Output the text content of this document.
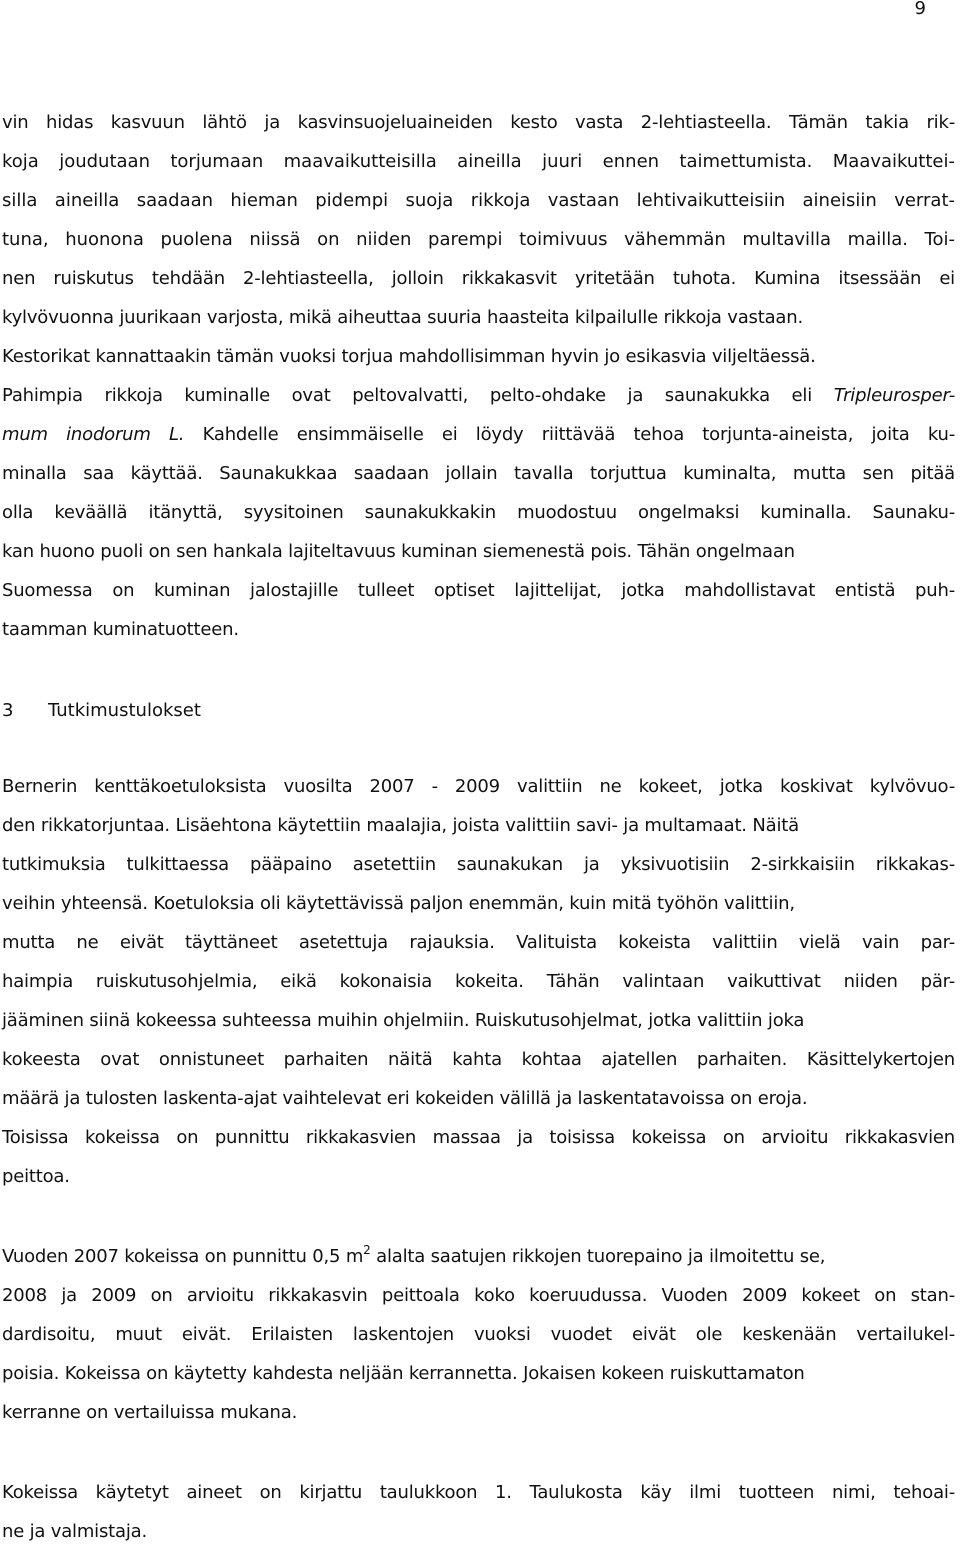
9
vin hidas kasvuun lähtö ja kasvinsuojeluaineiden kesto vasta 2-lehtiasteella. Tämän takia rik-
koja joudutaan torjumaan maavaikutteisilla aineilla juuri ennen taimettumista. Maavaikuttei-
silla aineilla saadaan hieman pidempi suoja rikkoja vastaan lehtivaikutteisiin aineisiin verrat-
tuna, huonona puolena niissä on niiden parempi toimivuus vähemmän multavilla mailla. Toi-
nen ruiskutus tehdään 2-lehtiasteella, jolloin rikkakasvit yritetään tuhota. Kumina itsessään ei
kylvövuonna juurikaan varjosta, mikä aiheuttaa suuria haasteita kilpailulle rikkoja vastaan.
Kestorikat kannattaakin tämän vuoksi torjua mahdollisimman hyvin jo esikasvia viljeltäessä.
Pahimpia rikkoja kuminalle ovat peltovalvatti, pelto-ohdake ja saunakukka eli Tripleurosper-
mum inodorum L. Kahdelle ensimmäiselle ei löydy riittävää tehoa torjunta-aineista, joita ku-
minalla saa käyttää. Saunakukkaa saadaan jollain tavalla torjuttua kuminalta, mutta sen pitää
olla keväällä itänyttä, syysitoinen saunakukkakin muodostuu ongelmaksi kuminalla. Saunaku-
kan huono puoli on sen hankala lajiteltavuus kuminan siemenestä pois. Tähän ongelmaan
Suomessa on kuminan jalostajille tulleet optiset lajittelijat, jotka mahdollistavat entistä puh-
taamman kuminatuotteen.
3 Tutkimustulokset
Bernerin kenttäkoetuloksista vuosilta 2007 - 2009 valittiin ne kokeet, jotka koskivat kylvövuo-
den rikkatorjuntaa. Lisäehtona käytettiin maalajia, joista valittiin savi- ja multamaat. Näitä
tutkimuksia tulkittaessa pääpaino asetettiin saunakukan ja yksivuotisiin 2-sirkkaisiin rikkakas-
veihin yhteensä. Koetuloksia oli käytettävissä paljon enemmän, kuin mitä työhön valittiin,
mutta ne eivät täyttäneet asetettuja rajauksia. Valituista kokeista valittiin vielä vain par-
haimpia ruiskutusohjelmia, eikä kokonaisia kokeita. Tähän valintaan vaikuttivat niiden pär-
jääminen siinä kokeessa suhteessa muihin ohjelmiin. Ruiskutusohjelmat, jotka valittiin joka
kokeesta ovat onnistuneet parhaiten näitä kahta kohtaa ajatellen parhaiten. Käsittelykertojen
määrä ja tulosten laskenta-ajat vaihtelevat eri kokeiden välillä ja laskentatavoissa on eroja.
Toisissa kokeissa on punnittu rikkakasvien massaa ja toisissa kokeissa on arvioitu rikkakasvien
peittoa.
Vuoden 2007 kokeissa on punnittu 0,5 $m^2$ alalta saatujen rikkojen tuorepaino ja ilmoitettu se,
2008 ja 2009 on arvioitu rikkakasvin peittoala koko koeruudussa. Vuoden 2009 kokeet on stan-
dardisoitu, muut eivät. Erilaisten laskentojen vuoksi vuodet eivät ole keskenään vertailukel-
poisia. Kokeissa on käytetty kahdesta neljään kerrannetta. Jokaisen kokeen ruiskuttamaton
kerranne on vertailuissa mukana.
Kokeissa käytetyt aineet on kirjattu taulukkoon 1. Taulukosta käy ilmi tuotteen nimi, tehoai-
ne ja valmistaja.
